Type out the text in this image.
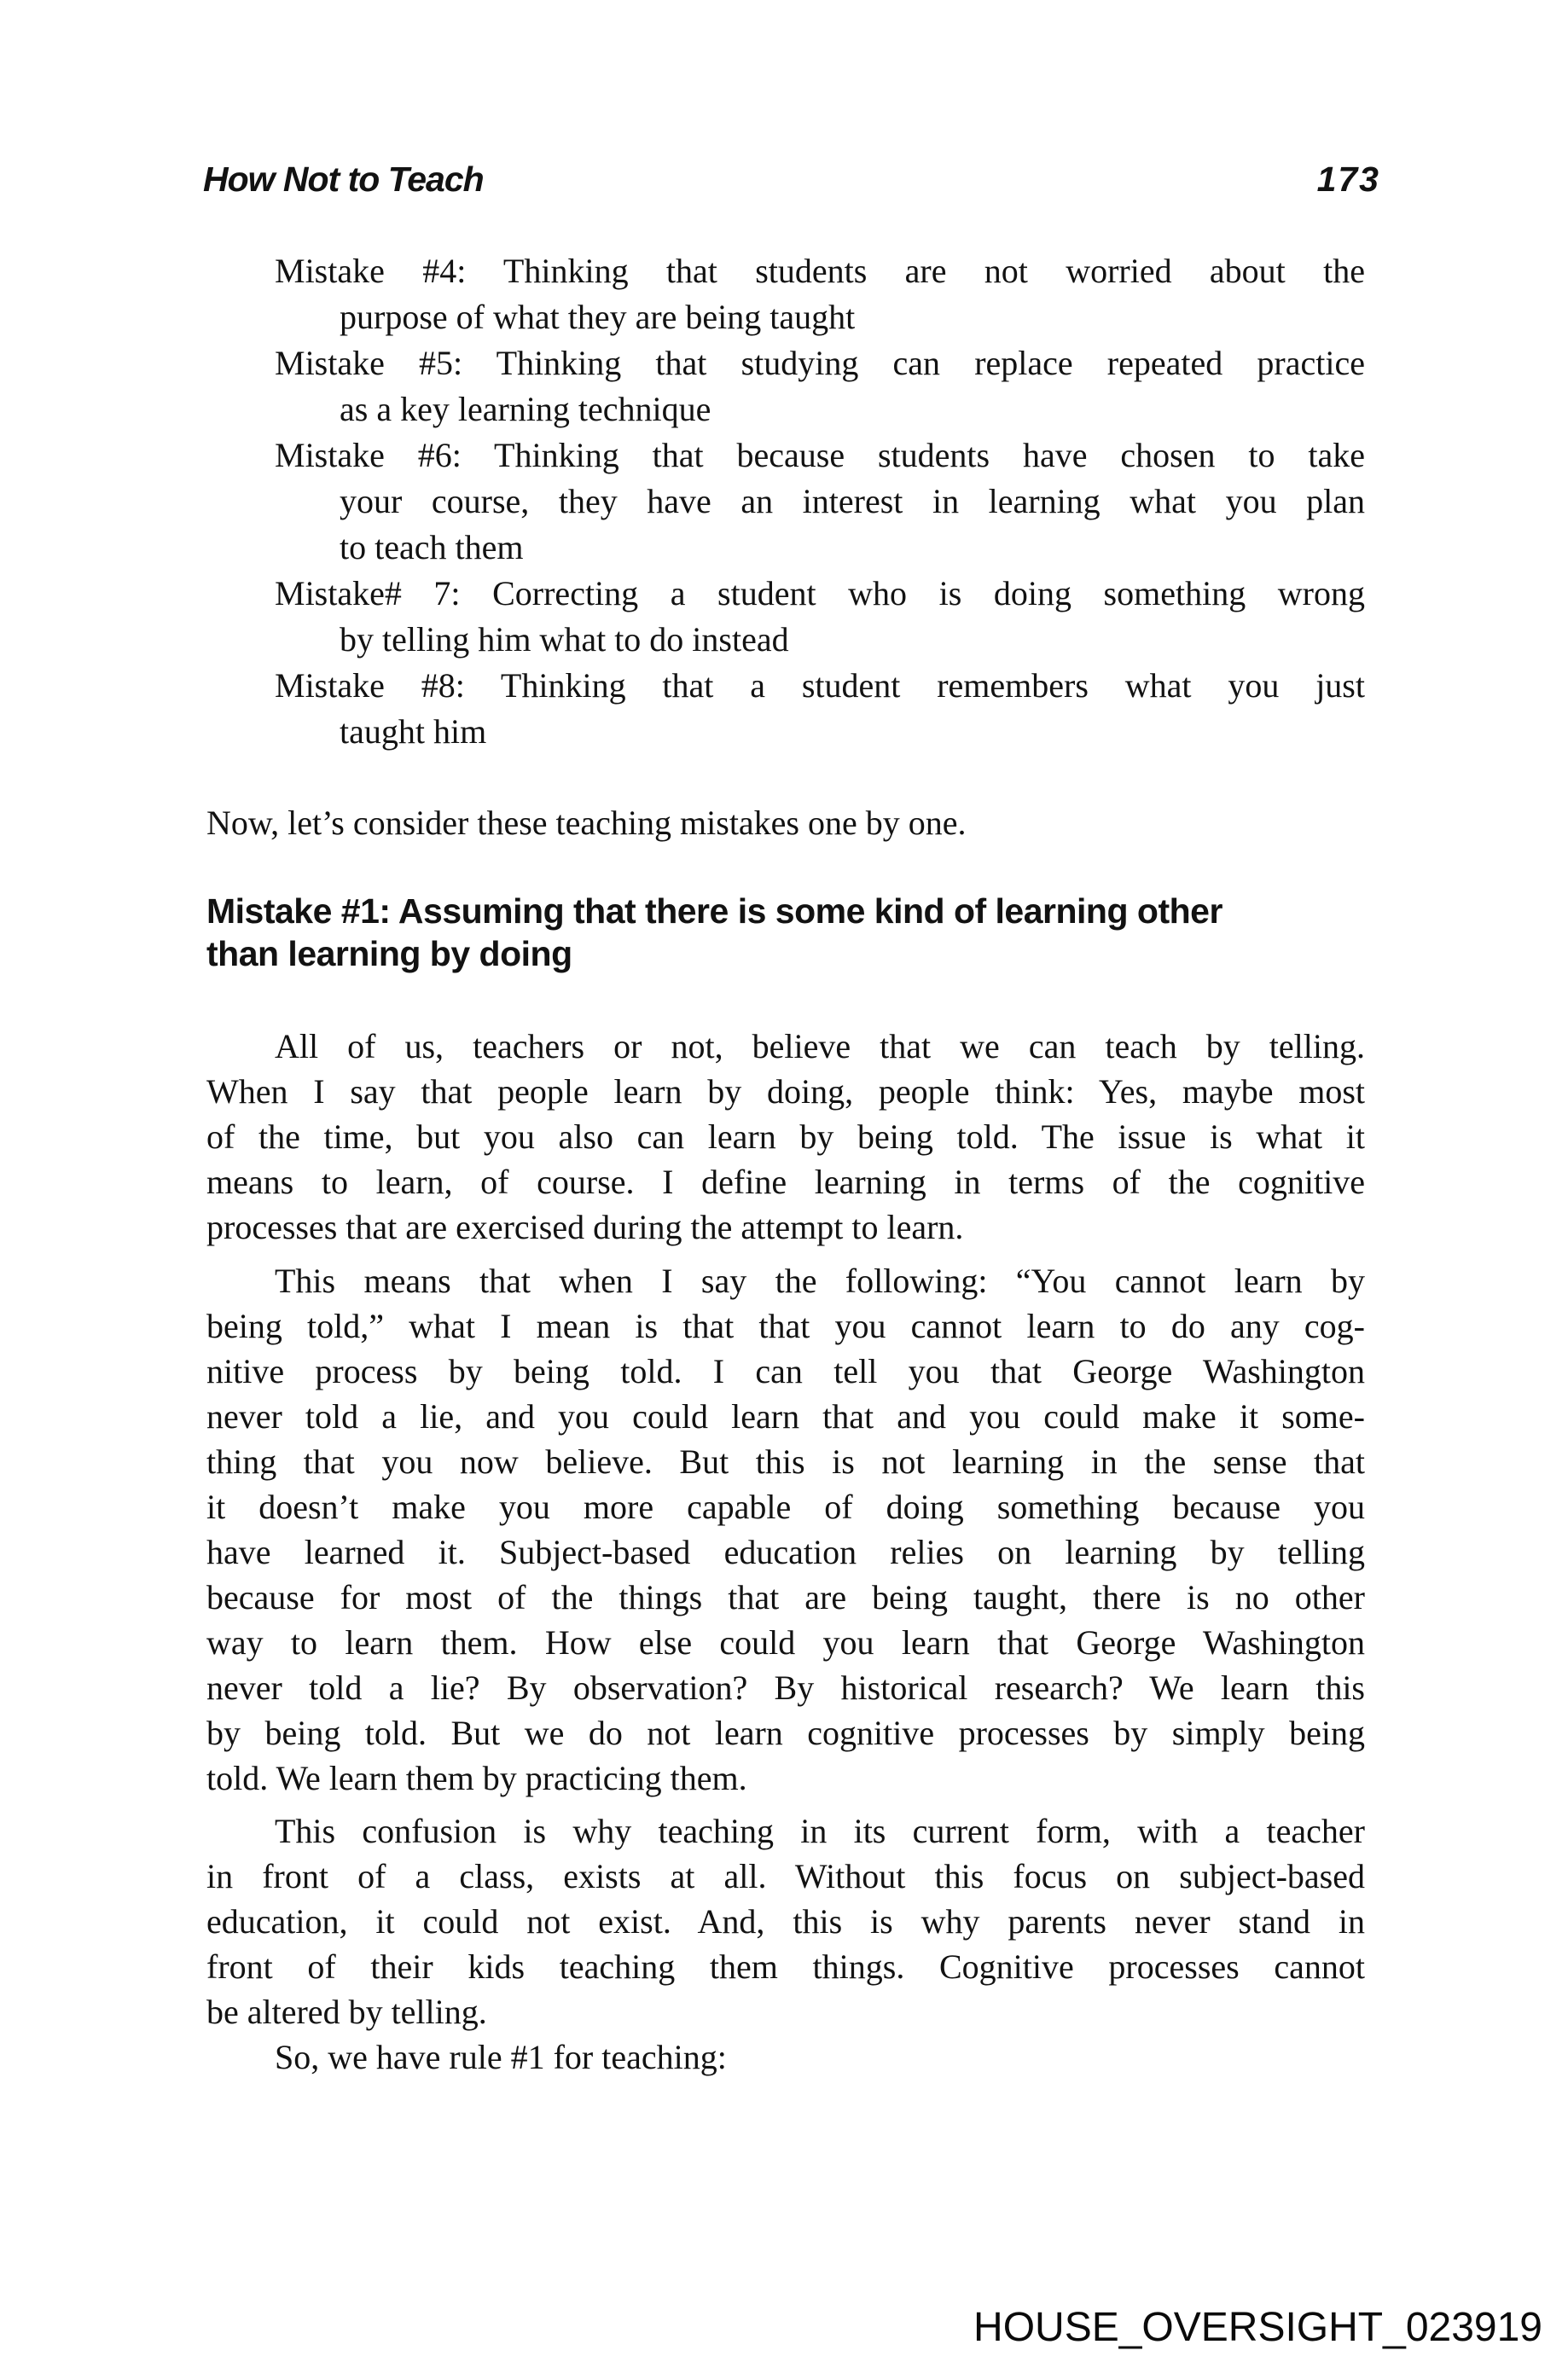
How Not to Teach	173
Mistake #4: Thinking that students are not worried about the
purpose of what they are being taught
Mistake #5: Thinking that studying can replace repeated practice
as a key learning technique
Mistake #6: Thinking that because students have chosen to take
your course, they have an interest in learning what you plan
to teach them
Mistake# 7: Correcting a student who is doing something wrong
by telling him what to do instead
Mistake #8: Thinking that a student remembers what you just
taught him
Now, let’s consider these teaching mistakes one by one.
Mistake #1: Assuming that there is some kind of learning other
than learning by doing
All of us, teachers or not, believe that we can teach by telling.
When I say that people learn by doing, people think: Yes, maybe most
of the time, but you also can learn by being told. The issue is what it
means to learn, of course. I define learning in terms of the cognitive
processes that are exercised during the attempt to learn.
This means that when I say the following: “You cannot learn by
being told,” what I mean is that that you cannot learn to do any cog-
nitive process by being told. I can tell you that George Washington
never told a lie, and you could learn that and you could make it some-
thing that you now believe. But this is not learning in the sense that
it doesn’t make you more capable of doing something because you
have learned it. Subject-based education relies on learning by telling
because for most of the things that are being taught, there is no other
way to learn them. How else could you learn that George Washington
never told a lie? By observation? By historical research? We learn this
by being told. But we do not learn cognitive processes by simply being
told. We learn them by practicing them.
This confusion is why teaching in its current form, with a teacher
in front of a class, exists at all. Without this focus on subject-based
education, it could not exist. And, this is why parents never stand in
front of their kids teaching them things. Cognitive processes cannot
be altered by telling.
So, we have rule #1 for teaching:
HOUSE_OVERSIGHT_023919
